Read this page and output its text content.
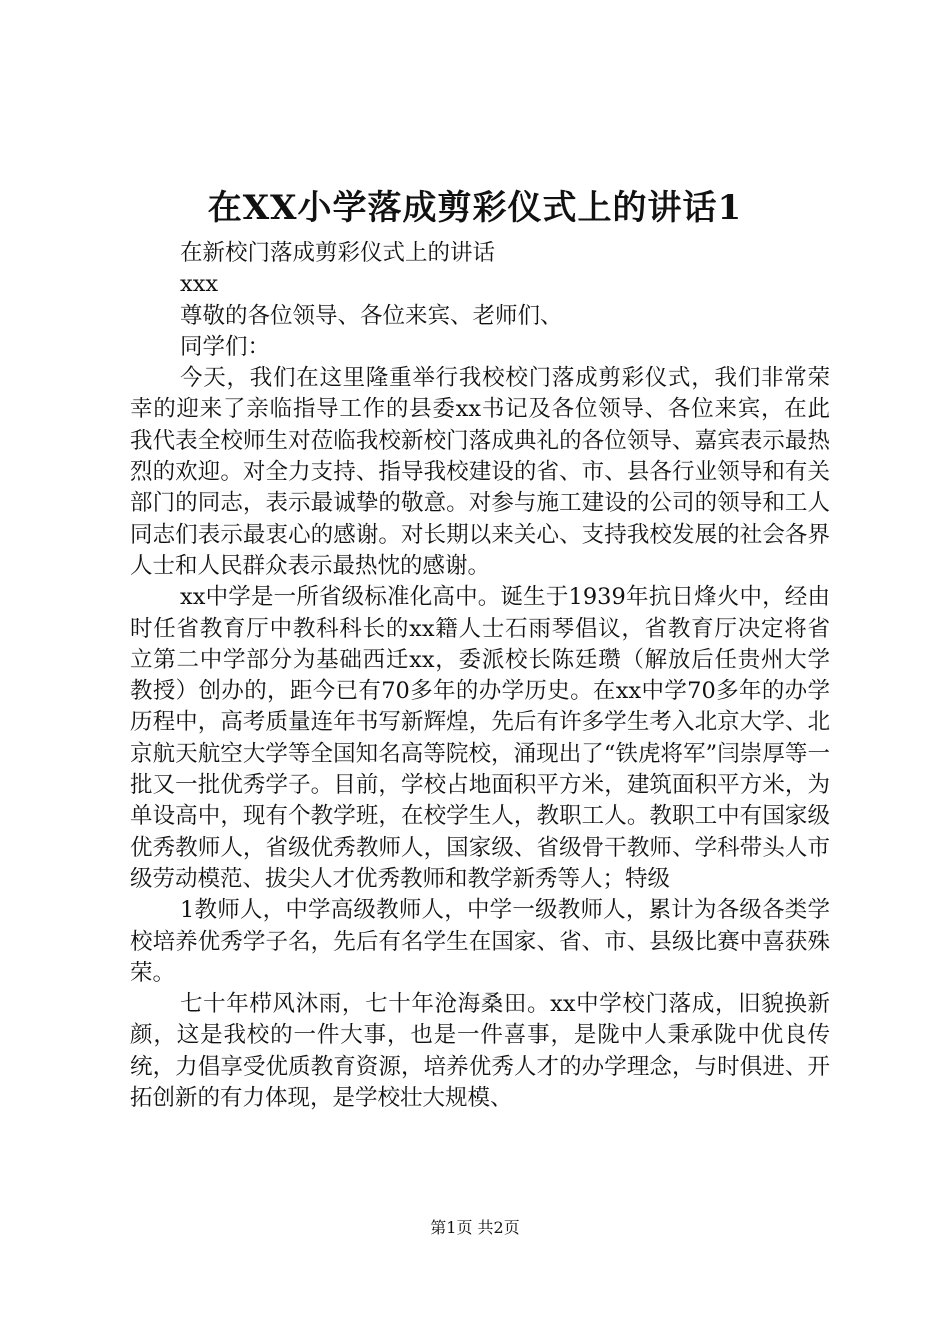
在XX小学落成剪彩仪式上的讲话1

在新校门落成剪彩仪式上的讲话

xxx

尊敬的各位领导、各位来宾、老师们、

同学们：

今天，我们在这里隆重举行我校校门落成剪彩仪式，我们非常荣幸的迎来了亲临指导工作的县委xx书记及各位领导、各位来宾，在此我代表全校师生对莅临我校新校门落成典礼的各位领导、嘉宾表示最热烈的欢迎。对全力支持、指导我校建设的省、市、县各行业领导和有关部门的同志，表示最诚挚的敬意。对参与施工建设的公司的领导和工人同志们表示最衷心的感谢。对长期以来关心、支持我校发展的社会各界人士和人民群众表示最热忱的感谢。

xx中学是一所省级标准化高中。诞生于1939年抗日烽火中，经由时任省教育厅中教科科长的xx籍人士石雨琴倡议，省教育厅决定将省立第二中学部分为基础西迁xx，委派校长陈廷瓒（解放后任贵州大学教授）创办的，距今已有70多年的办学历史。在xx中学70多年的办学历程中，高考质量连年书写新辉煌，先后有许多学生考入北京大学、北京航天航空大学等全国知名高等院校，涌现出了“铁虎将军”闫崇厚等一批又一批优秀学子。目前，学校占地面积平方米，建筑面积平方米，为单设高中，现有个教学班，在校学生人，教职工人。教职工中有国家级优秀教师人，省级优秀教师人，国家级、省级骨干教师、学科带头人市级劳动模范、拔尖人才优秀教师和教学新秀等人；特级

1教师人，中学高级教师人，中学一级教师人，累计为各级各类学校培养优秀学子名，先后有名学生在国家、省、市、县级比赛中喜获殊荣。

七十年栉风沐雨，七十年沧海桑田。xx中学校门落成，旧貌换新颜，这是我校的一件大事，也是一件喜事，是陇中人秉承陇中优良传统，力倡享受优质教育资源，培养优秀人才的办学理念，与时俱进、开拓创新的有力体现，是学校壮大规模、

第1页 共2页
